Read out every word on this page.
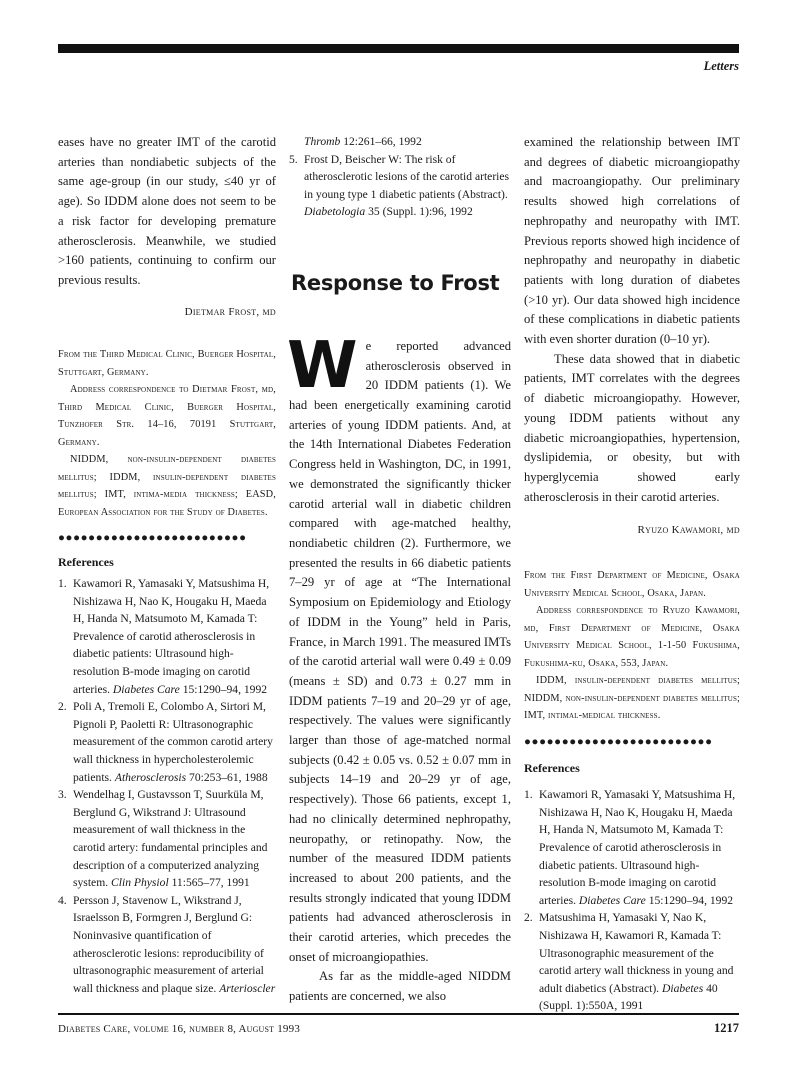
Letters

eases have no greater IMT of the carotid arteries than nondiabetic subjects of the same age-group (in our study, ≤40 yr of age). So IDDM alone does not seem to be a risk factor for developing premature atherosclerosis. Meanwhile, we studied >160 patients, continuing to confirm our previous results.

Dietmar Frost, md
From the Third Medical Clinic, Buerger Hospital, Stuttgart, Germany.
Address correspondence to Dietmar Frost, md, Third Medical Clinic, Buerger Hospital, Tunzhofer Str. 14–16, 70191 Stuttgart, Germany.
NIDDM, non-insulin-dependent diabetes mellitus; IDDM, insulin-dependent diabetes mellitus; IMT, intima-media thickness; EASD, European Association for the Study of Diabetes.
●●●●●●●●●●●●●●●●●●●●●●●●●
References
1. Kawamori R, Yamasaki Y, Matsushima H, Nishizawa H, Nao K, Hougaku H, Maeda H, Handa N, Matsumoto M, Kamada T: Prevalence of carotid atherosclerosis in diabetic patients: Ultrasound high-resolution B-mode imaging on carotid arteries. Diabetes Care 15:1290–94, 1992
2. Poli A, Tremoli E, Colombo A, Sirtori M, Pignoli P, Paoletti R: Ultrasonographic measurement of the common carotid artery wall thickness in hypercholesterolemic patients. Atherosclerosis 70:253–61, 1988
3. Wendelhag I, Gustavsson T, Suurküla M, Berglund G, Wikstrand J: Ultrasound measurement of wall thickness in the carotid artery: fundamental principles and description of a computerized analyzing system. Clin Physiol 11:565–77, 1991
4. Persson J, Stavenow L, Wikstrand J, Israelsson B, Formgren J, Berglund G: Noninvasive quantification of atherosclerotic lesions: reproducibility of ultrasonographic measurement of arterial wall thickness and plaque size. Arterioscler
Thromb 12:261–66, 1992
5. Frost D, Beischer W: The risk of atherosclerotic lesions of the carotid arteries in young type 1 diabetic patients (Abstract). Diabetologia 35 (Suppl. 1):96, 1992
Response to Frost
W e reported advanced atherosclerosis observed in 20 IDDM patients (1). We had been energetically examining carotid arteries of young IDDM patients. And, at the 14th International Diabetes Federation Congress held in Washington, DC, in 1991, we demonstrated the significantly thicker carotid arterial wall in diabetic children compared with age-matched healthy, nondiabetic children (2). Furthermore, we presented the results in 66 diabetic patients 7–29 yr of age at “The International Symposium on Epidemiology and Etiology of IDDM in the Young” held in Paris, France, in March 1991. The measured IMTs of the carotid arterial wall were 0.49 ± 0.09 (means ± SD) and 0.73 ± 0.27 mm in IDDM patients 7–19 and 20–29 yr of age, respectively. The values were significantly larger than those of age-matched normal subjects (0.42 ± 0.05 vs. 0.52 ± 0.07 mm in subjects 14–19 and 20–29 yr of age, respectively). Those 66 patients, except 1, had no clinically determined nephropathy, neuropathy, or retinopathy. Now, the number of the measured IDDM patients increased to about 200 patients, and the results strongly indicated that young IDDM patients had advanced atherosclerosis in their carotid arteries, which precedes the onset of microangiopathies.

As far as the middle-aged NIDDM patients are concerned, we also

examined the relationship between IMT and degrees of diabetic microangiopathy and macroangiopathy. Our preliminary results showed high correlations of nephropathy and neuropathy with IMT. Previous reports showed high incidence of nephropathy and neuropathy in diabetic patients with long duration of diabetes (>10 yr). Our data showed high incidence of these complications in diabetic patients with even shorter duration (0–10 yr).

These data showed that in diabetic patients, IMT correlates with the degrees of diabetic microangiopathy. However, young IDDM patients without any diabetic microangiopathies, hypertension, dyslipidemia, or obesity, but with hyperglycemia showed early atherosclerosis in their carotid arteries.

Ryuzo Kawamori, md
From the First Department of Medicine, Osaka University Medical School, Osaka, Japan.
Address correspondence to Ryuzo Kawamori, md, First Department of Medicine, Osaka University Medical School, 1-1-50 Fukushima, Fukushima-ku, Osaka, 553, Japan.
IDDM, insulin-dependent diabetes mellitus; NIDDM, non-insulin-dependent diabetes mellitus; IMT, intimal-medical thickness.
●●●●●●●●●●●●●●●●●●●●●●●●●
References
1. Kawamori R, Yamasaki Y, Matsushima H, Nishizawa H, Nao K, Hougaku H, Maeda H, Handa N, Matsumoto M, Kamada T: Prevalence of carotid atherosclerosis in diabetic patients. Ultrasound high-resolution B-mode imaging on carotid arteries. Diabetes Care 15:1290–94, 1992
2. Matsushima H, Yamasaki Y, Nao K, Nishizawa H, Kawamori R, Kamada T: Ultrasonographic measurement of the carotid artery wall thickness in young and adult diabetics (Abstract). Diabetes 40 (Suppl. 1):550A, 1991
Diabetes Care, volume 16, number 8, August 1993	1217
